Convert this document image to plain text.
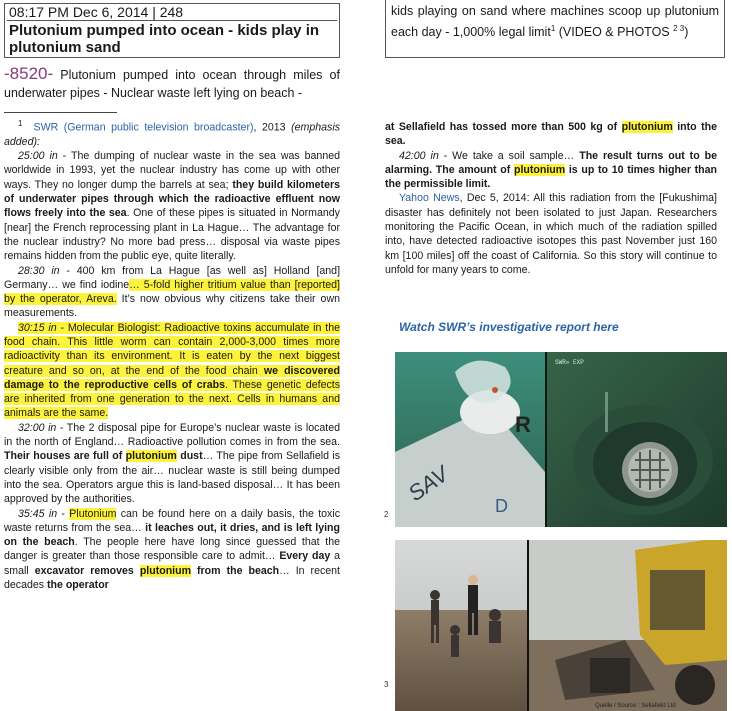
08:17 PM Dec 6, 2014 | 248
Plutonium pumped into ocean - kids play in plutonium sand
-8520- Plutonium pumped into ocean through miles of underwater pipes - Nuclear waste left lying on beach -

$^1$ SWR (German public television broadcaster), 2013 (emphasis added):

25:00 in - The dumping of nuclear waste in the sea was banned worldwide in 1993, yet the nuclear industry has come up with other ways. They no longer dump the barrels at sea; they build kilometers of underwater pipes through which the radioactive effluent now flows freely into the sea. One of these pipes is situated in Normandy [near] the French reprocessing plant in La Hague… The advantage for the nuclear industry? No more bad press… disposal via waste pipes remains hidden from the public eye, quite literally.

28:30 in - 400 km from La Hague [as well as] Holland [and] Germany… we find iodine… 5-fold higher tritium value than [reported] by the operator, Areva. It’s now obvious why citizens take their own measurements.

30:15 in - Molecular Biologist: Radioactive toxins accumulate in the food chain. This little worm can contain 2,000-3,000 times more radioactivity than its environment. It is eaten by the next biggest creature and so on, at the end of the food chain we discovered damage to the reproductive cells of crabs. These genetic defects are inherited from one generation to the next. Cells in humans and animals are the same.

32:00 in - The 2 disposal pipe for Europe’s nuclear waste is located in the north of England… Radioactive pollution comes in from the sea. Their houses are full of plutonium dust… The pipe from Sellafield is clearly visible only from the air… nuclear waste is still being dumped into the sea. Operators argue this is land-based disposal… It has been approved by the authorities.

35:45 in - Plutonium can be found here on a daily basis, the toxic waste returns from the sea… it leaches out, it dries, and is left lying on the beach. The people here have long since guessed that the danger is greater than those responsible care to admit… Every day a small excavator removes plutonium from the beach… In recent decades the operator

kids playing on sand where machines scoop up plutonium each day - 1,000% legal limit$^1$ (VIDEO & PHOTOS $^{2 3}$)

at Sellafield has tossed more than 500 kg of plutonium into the sea.

42:00 in - We take a soil sample… The result turns out to be alarming. The amount of plutonium is up to 10 times higher than the permissible limit.

Yahoo News, Dec 5, 2014: All this radiation from the [Fukushima] disaster has definitely not been isolated to just Japan. Researchers monitoring the Pacific Ocean, in which much of the radiation spilled into, have detected radioactive isotopes this past November just 160 km [100 miles] off the coast of California. So this story will continue to unfold for many years to come.

Watch SWR’s investigative report here
SAV
R
D
SWR» EXP
2
Quelle / Source : Sellafield Ltd
3
